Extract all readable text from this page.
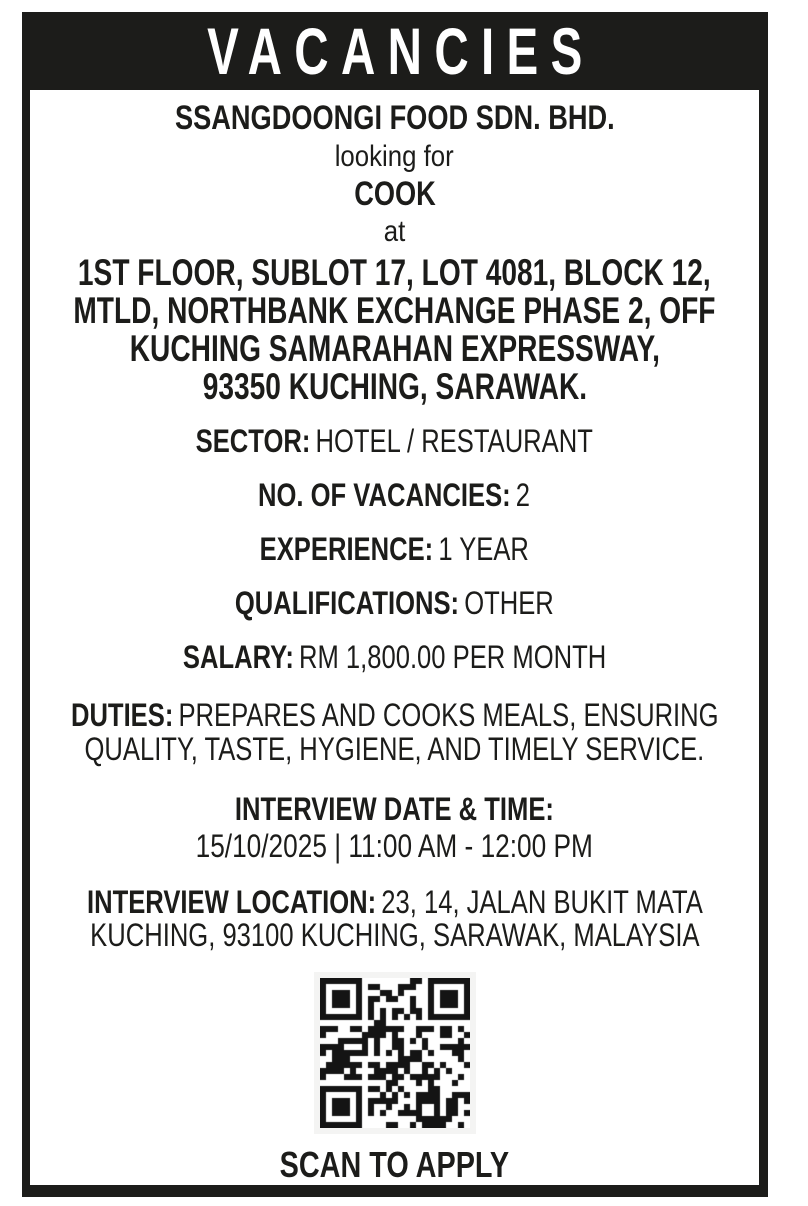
VACANCIES
SSANGDOONGI FOOD SDN. BHD.
looking for
COOK
at
1ST FLOOR, SUBLOT 17, LOT 4081, BLOCK 12,
MTLD, NORTHBANK EXCHANGE PHASE 2, OFF
KUCHING SAMARAHAN EXPRESSWAY,
93350 KUCHING, SARAWAK.
SECTOR: HOTEL / RESTAURANT
NO. OF VACANCIES: 2
EXPERIENCE: 1 YEAR
QUALIFICATIONS: OTHER
SALARY: RM 1,800.00 PER MONTH
DUTIES: PREPARES AND COOKS MEALS, ENSURING
QUALITY, TASTE, HYGIENE, AND TIMELY SERVICE.
INTERVIEW DATE & TIME:
15/10/2025 | 11:00 AM - 12:00 PM
INTERVIEW LOCATION: 23, 14, JALAN BUKIT MATA
KUCHING, 93100 KUCHING, SARAWAK, MALAYSIA
SCAN TO APPLY
